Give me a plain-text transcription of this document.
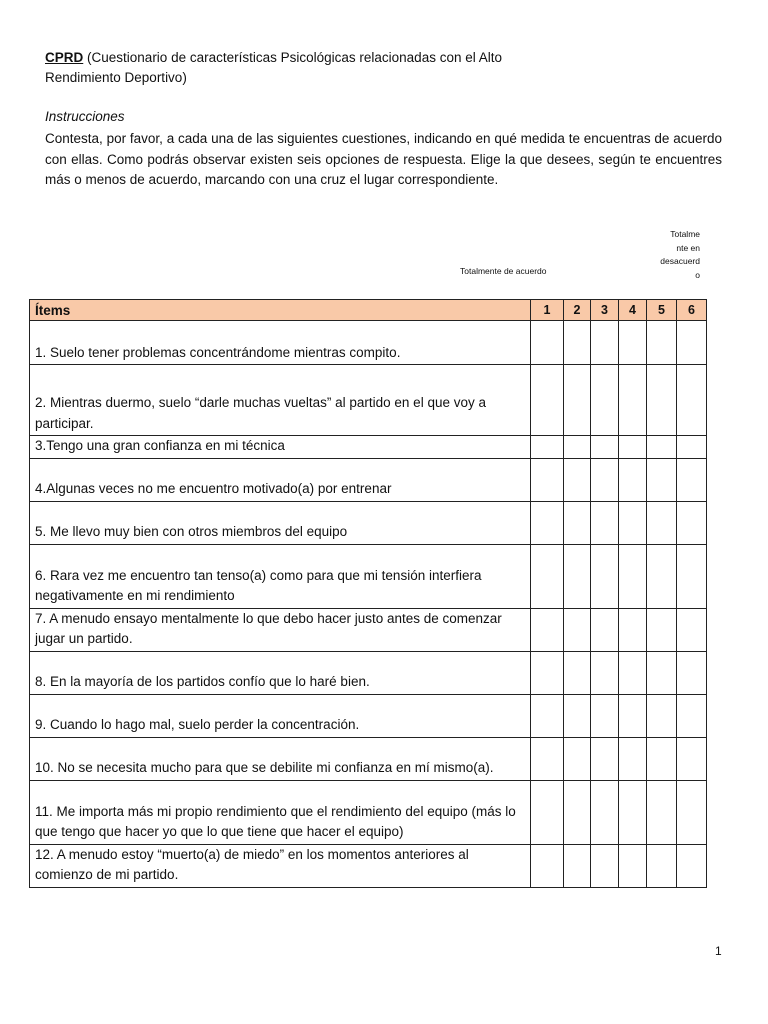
CPRD (Cuestionario de características Psicológicas relacionadas con el Alto
Rendimiento Deportivo)
Instrucciones
Contesta, por favor, a cada una de las siguientes cuestiones, indicando en qué medida te encuentras de acuerdo con ellas. Como podrás observar existen seis opciones de respuesta. Elige la que desees, según te encuentres más o menos de acuerdo, marcando con una cruz el lugar correspondiente.
Totalmente de acuerdo
Totalme
nte en
desacuerd
o
Ítems	1	2	3	4	5	6
1. Suelo tener problemas concentrándome mientras compito.						
2. Mientras duermo, suelo “darle muchas vueltas” al partido en el que voy a participar.						
3.Tengo una gran confianza en mi técnica						
4.Algunas veces no me encuentro motivado(a) por entrenar						
5. Me llevo muy bien con otros miembros del equipo						
6. Rara vez me encuentro tan tenso(a) como para que mi tensión interfiera negativamente en mi rendimiento						
7. A menudo ensayo mentalmente lo que debo hacer justo antes de comenzar jugar un partido.						
8. En la mayoría de los partidos confío que lo haré bien.						
9. Cuando lo hago mal, suelo perder la concentración.						
10. No se necesita mucho para que se debilite mi confianza en mí mismo(a).						
11. Me importa más mi propio rendimiento que el rendimiento del equipo (más lo que tengo que hacer yo que lo que tiene que hacer el equipo)						
12. A menudo estoy “muerto(a) de miedo” en los momentos anteriores al comienzo de mi partido.						
1
